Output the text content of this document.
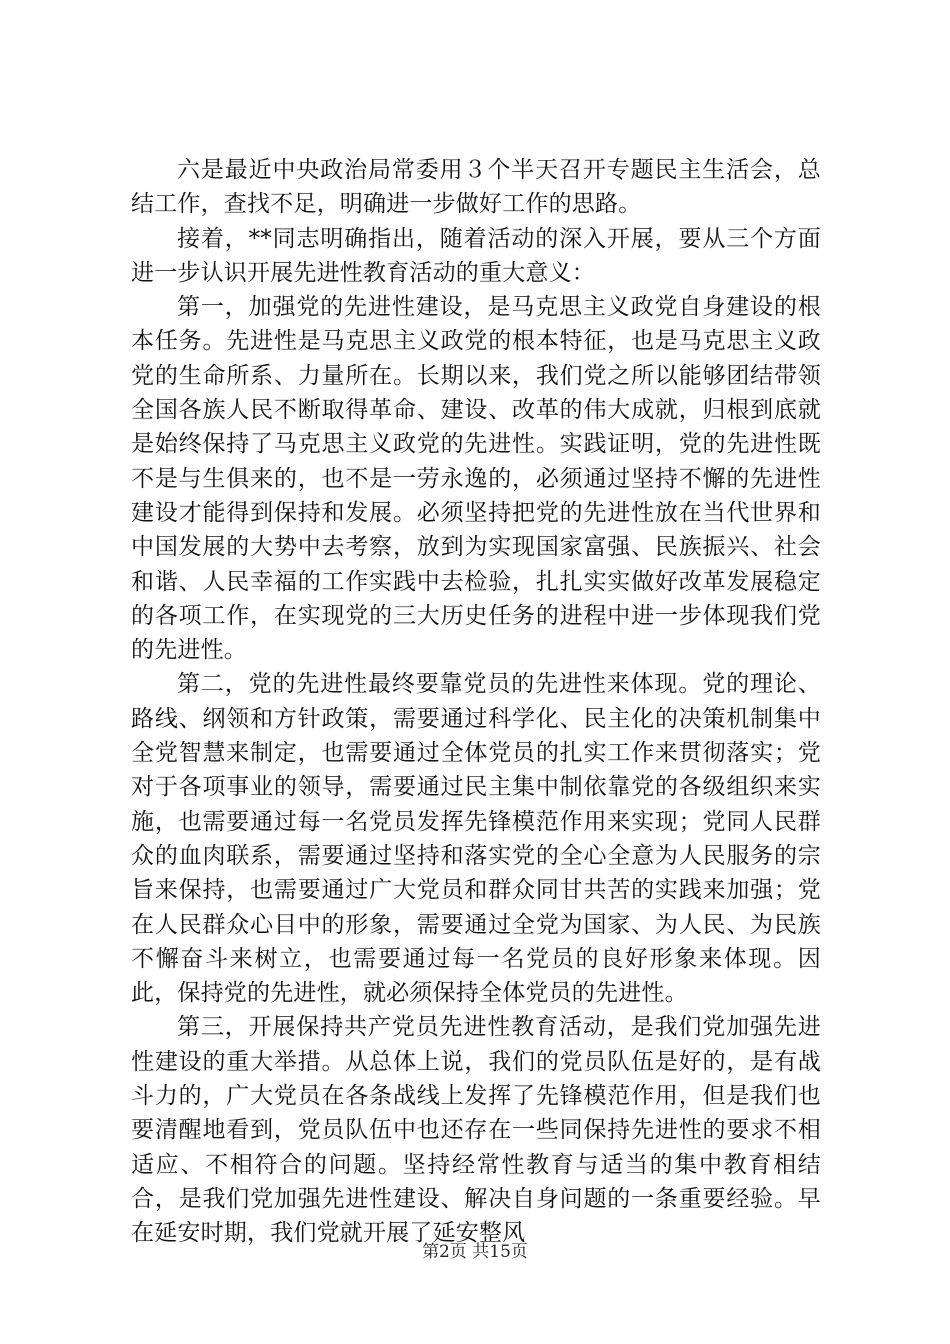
六是最近中央政治局常委用３个半天召开专题民主生活会，总结工作，查找不足，明确进一步做好工作的思路。

接着，**同志明确指出，随着活动的深入开展，要从三个方面进一步认识开展先进性教育活动的重大意义：

第一，加强党的先进性建设，是马克思主义政党自身建设的根本任务。先进性是马克思主义政党的根本特征，也是马克思主义政党的生命所系、力量所在。长期以来，我们党之所以能够团结带领全国各族人民不断取得革命、建设、改革的伟大成就，归根到底就是始终保持了马克思主义政党的先进性。实践证明，党的先进性既不是与生俱来的，也不是一劳永逸的，必须通过坚持不懈的先进性建设才能得到保持和发展。必须坚持把党的先进性放在当代世界和中国发展的大势中去考察，放到为实现国家富强、民族振兴、社会和谐、人民幸福的工作实践中去检验，扎扎实实做好改革发展稳定的各项工作，在实现党的三大历史任务的进程中进一步体现我们党的先进性。

第二，党的先进性最终要靠党员的先进性来体现。党的理论、路线、纲领和方针政策，需要通过科学化、民主化的决策机制集中全党智慧来制定，也需要通过全体党员的扎实工作来贯彻落实；党对于各项事业的领导，需要通过民主集中制依靠党的各级组织来实施，也需要通过每一名党员发挥先锋模范作用来实现；党同人民群众的血肉联系，需要通过坚持和落实党的全心全意为人民服务的宗旨来保持，也需要通过广大党员和群众同甘共苦的实践来加强；党在人民群众心目中的形象，需要通过全党为国家、为人民、为民族不懈奋斗来树立，也需要通过每一名党员的良好形象来体现。因此，保持党的先进性，就必须保持全体党员的先进性。

第三，开展保持共产党员先进性教育活动，是我们党加强先进性建设的重大举措。从总体上说，我们的党员队伍是好的，是有战斗力的，广大党员在各条战线上发挥了先锋模范作用，但是我们也要清醒地看到，党员队伍中也还存在一些同保持先进性的要求不相适应、不相符合的问题。坚持经常性教育与适当的集中教育相结合，是我们党加强先进性建设、解决自身问题的一条重要经验。早在延安时期，我们党就开展了延安整风

第2页 共15页
